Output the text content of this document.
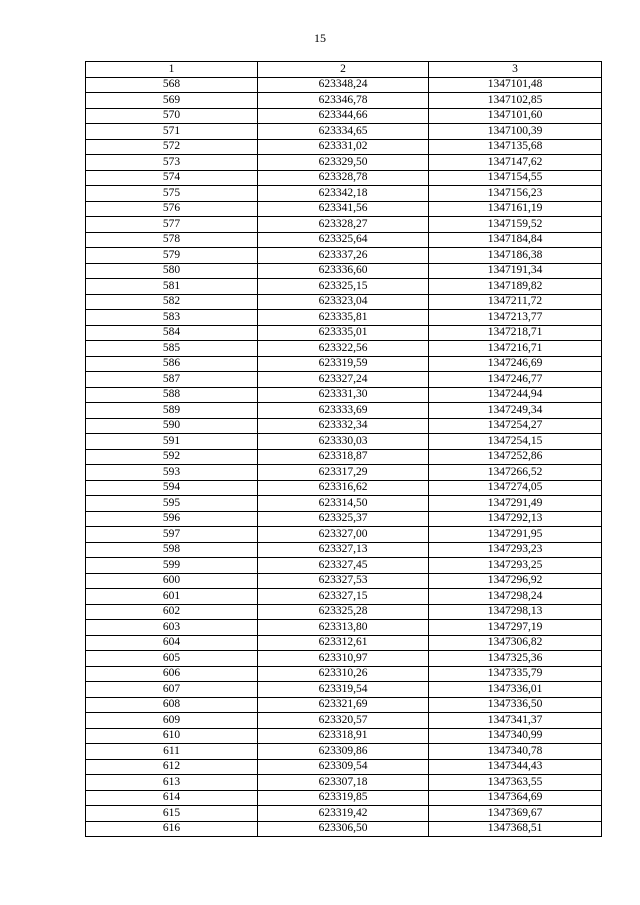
15
1	2	3
568	623348,24	1347101,48
569	623346,78	1347102,85
570	623344,66	1347101,60
571	623334,65	1347100,39
572	623331,02	1347135,68
573	623329,50	1347147,62
574	623328,78	1347154,55
575	623342,18	1347156,23
576	623341,56	1347161,19
577	623328,27	1347159,52
578	623325,64	1347184,84
579	623337,26	1347186,38
580	623336,60	1347191,34
581	623325,15	1347189,82
582	623323,04	1347211,72
583	623335,81	1347213,77
584	623335,01	1347218,71
585	623322,56	1347216,71
586	623319,59	1347246,69
587	623327,24	1347246,77
588	623331,30	1347244,94
589	623333,69	1347249,34
590	623332,34	1347254,27
591	623330,03	1347254,15
592	623318,87	1347252,86
593	623317,29	1347266,52
594	623316,62	1347274,05
595	623314,50	1347291,49
596	623325,37	1347292,13
597	623327,00	1347291,95
598	623327,13	1347293,23
599	623327,45	1347293,25
600	623327,53	1347296,92
601	623327,15	1347298,24
602	623325,28	1347298,13
603	623313,80	1347297,19
604	623312,61	1347306,82
605	623310,97	1347325,36
606	623310,26	1347335,79
607	623319,54	1347336,01
608	623321,69	1347336,50
609	623320,57	1347341,37
610	623318,91	1347340,99
611	623309,86	1347340,78
612	623309,54	1347344,43
613	623307,18	1347363,55
614	623319,85	1347364,69
615	623319,42	1347369,67
616	623306,50	1347368,51
